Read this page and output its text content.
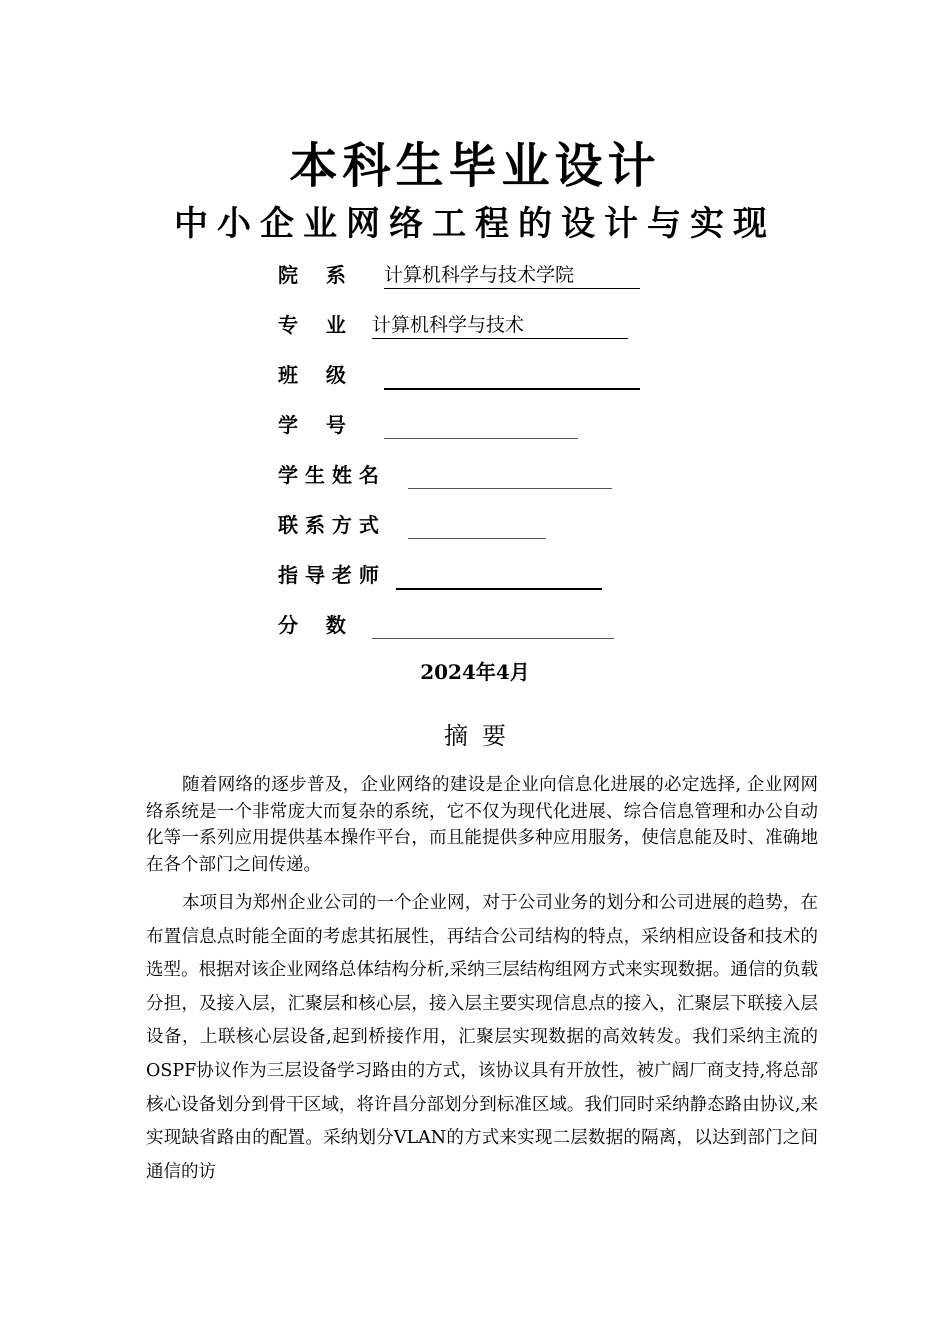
本科生毕业设计
中小企业网络工程的设计与实现
院    系 计算机科学与技术学院
专    业 计算机科学与技术
班    级
学    号
学 生 姓 名
联 系 方 式
指 导 老 师
分    数
2024年4月
摘要

随着网络的逐步普及，企业网络的建设是企业向信息化进展的必定选择, 企业网网络系统是一个非常庞大而复杂的系统，它不仅为现代化进展、综合信息管理和办公自动化等一系列应用提供基本操作平台，而且能提供多种应用服务，使信息能及时、准确地在各个部门之间传递。

本项目为郑州企业公司的一个企业网，对于公司业务的划分和公司进展的趋势，在布置信息点时能全面的考虑其拓展性，再结合公司结构的特点，采纳相应设备和技术的选型。根据对该企业网络总体结构分析,采纳三层结构组网方式来实现数据。通信的负载分担，及接入层，汇聚层和核心层，接入层主要实现信息点的接入，汇聚层下联接入层设备，上联核心层设备,起到桥接作用，汇聚层实现数据的高效转发。我们采纳主流的OSPF协议作为三层设备学习路由的方式，该协议具有开放性，被广阔厂商支持,将总部核心设备划分到骨干区域，将许昌分部划分到标准区域。我们同时采纳静态路由协议,来实现缺省路由的配置。采纳划分VLAN的方式来实现二层数据的隔离，以达到部门之间通信的访
